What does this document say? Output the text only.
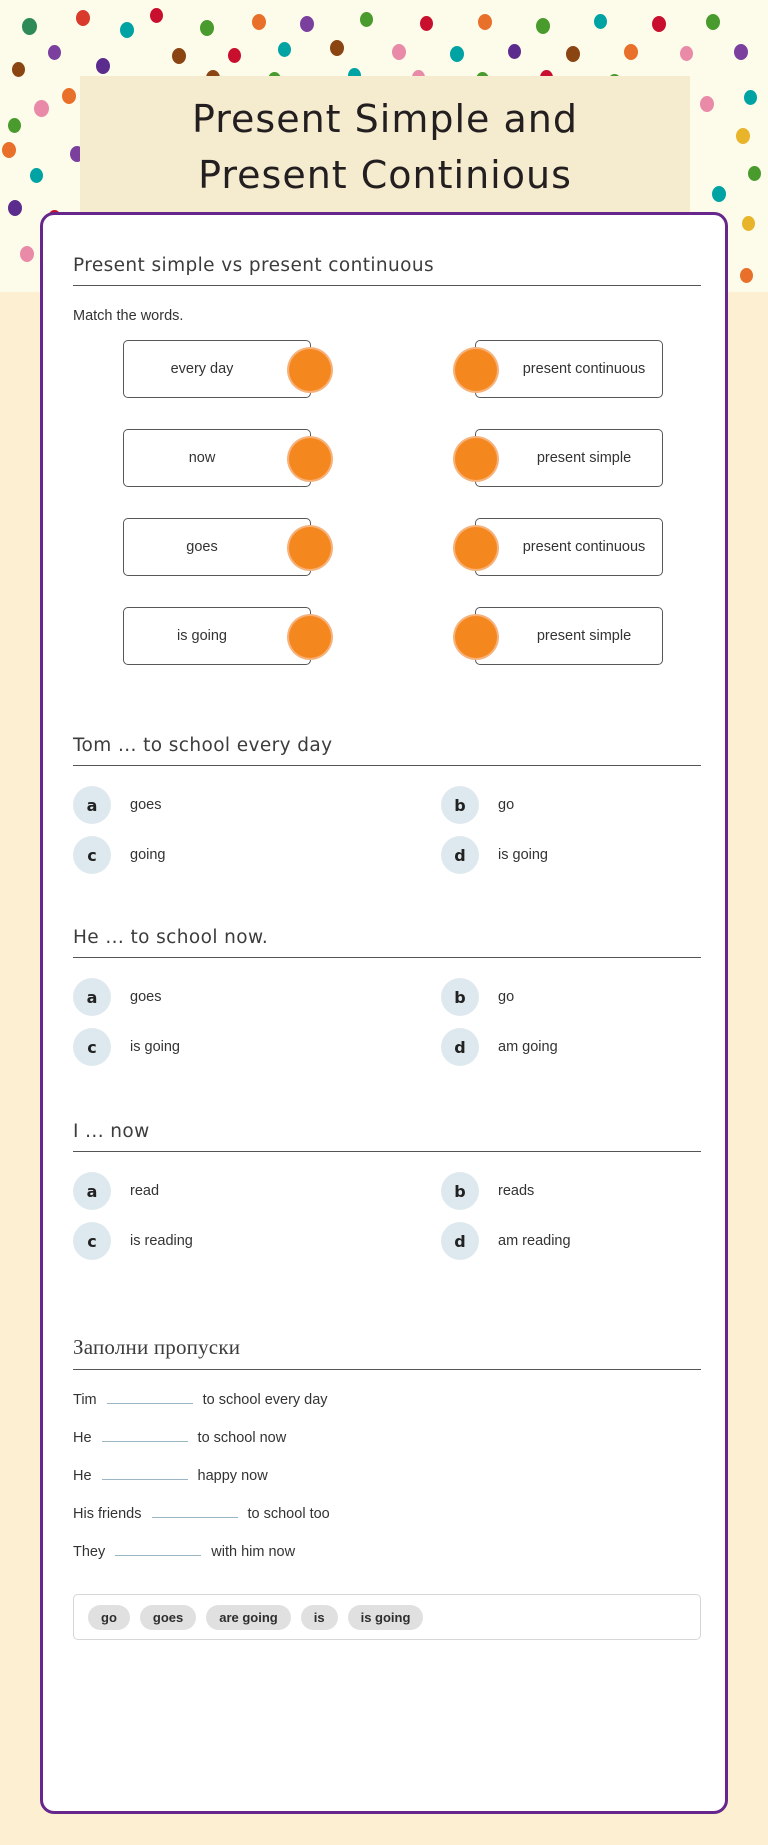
Present Simple and
Present Continious
Present simple vs present continuous
Match the words.
every day	present continuous
now	present simple
goes	present continuous
is going	present simple
Tom ... to school every day
a	goes	b	go
c	going	d	is going
He ... to school now.
a	goes	b	go
c	is going	d	am going
I ... now
a	read	b	reads
c	is reading	d	am reading
Заполни пропуски
Tim	to school every day
He	to school now
He	happy now
His friends	to school too
They	with him now
go	goes	are going	is	is going
